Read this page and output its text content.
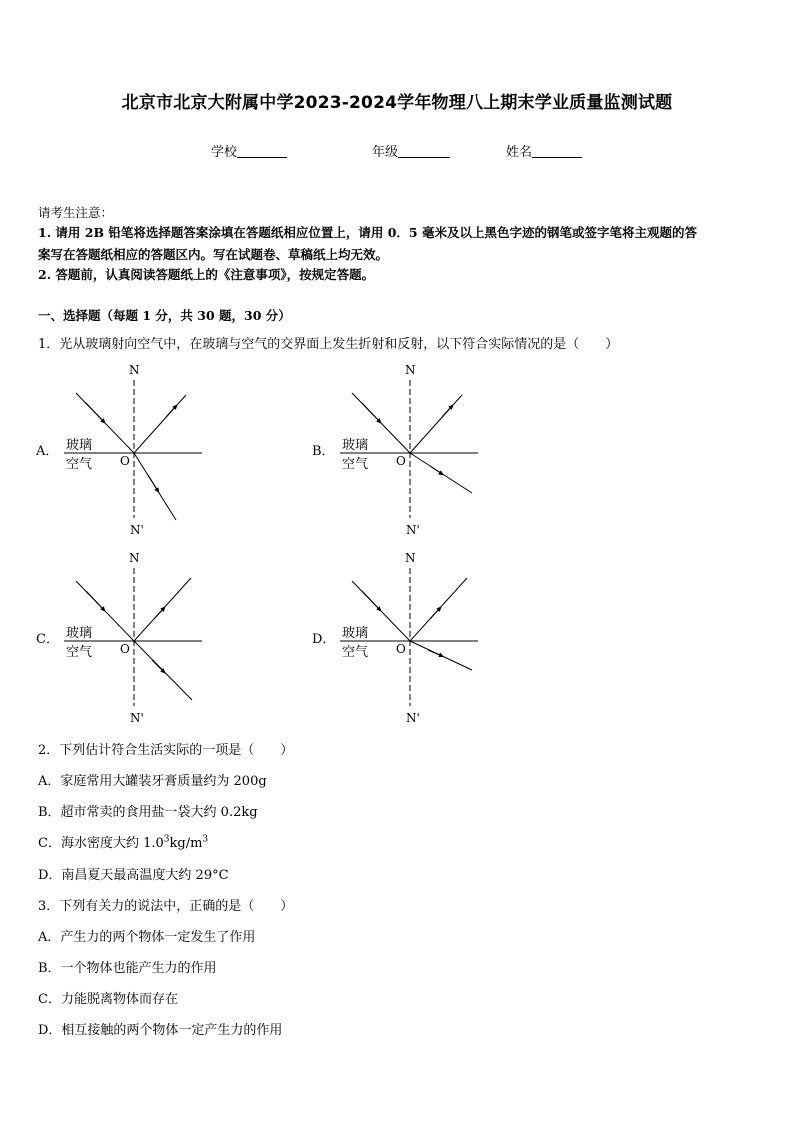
北京市北京大附属中学2023-2024学年物理八上期末学业质量监测试题
学校	年级	姓名
请考生注意：
1. 请用 2B 铅笔将选择题答案涂填在答题纸相应位置上，请用 0．5 毫米及以上黑色字迹的钢笔或签字笔将主观题的答
案写在答题纸相应的答题区内。写在试题卷、草稿纸上均无效。
2. 答题前，认真阅读答题纸上的《注意事项》，按规定答题。
一、选择题（每题 1 分，共 30 题，30 分）
1．光从玻璃射向空气中，在玻璃与空气的交界面上发生折射和反射，以下符合实际情况的是（　　）
A．
N
N'
O
玻璃
空气
B．
N
N'
O
玻璃
空气
C．
N
N'
O
玻璃
空气
D．
N
N'
O
玻璃
空气
2．下列估计符合生活实际的一项是（　　）
A．家庭常用大罐装牙膏质量约为 200g
B．超市常卖的食用盐一袋大约 0.2kg
C．海水密度大约 $1.0^3kg/m^3$
D．南昌夏天最高温度大约 29°C
3．下列有关力的说法中，正确的是（　　）
A．产生力的两个物体一定发生了作用
B．一个物体也能产生力的作用
C．力能脱离物体而存在
D．相互接触的两个物体一定产生力的作用
